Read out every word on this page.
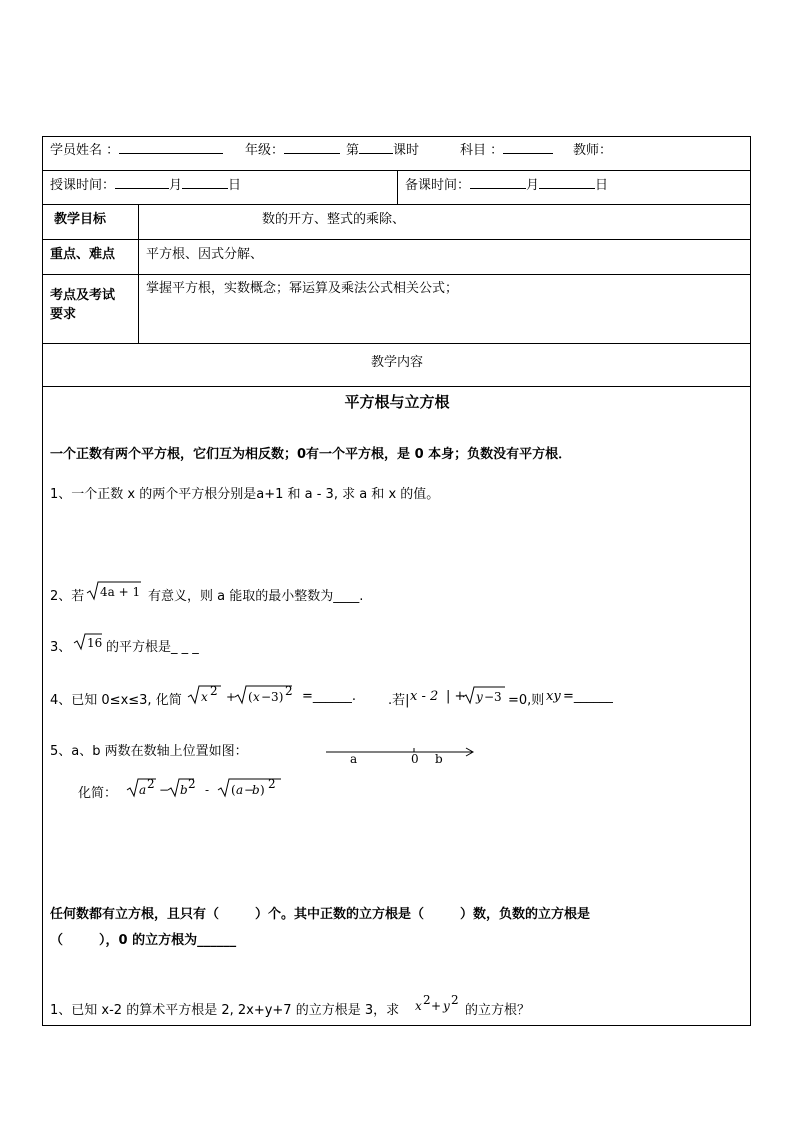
学员姓名 ：	年级：	第	课时	科目 ：	教师：
授课时间：	月	日	备课时间：	月	日
教学目标	数的开方、整式的乘除、
重点、难点 平方根、因式分解、
考点及考试
要求
掌握平方根，实数概念；幂运算及乘法公式相关公式；
教学内容
平方根与立方根
一个正数有两个平方根，它们互为相反数；0有一个平方根，是 0 本身；负数没有平方根．
1、一个正数 x 的两个平方根分别是a+1 和 a - 3, 求 a 和 x 的值。
2、若 4a + 1 有意义，则 a 能取的最小整数为____.
3、 16 的平方根是_ _ _
4、已知 0≤x≤3, 化简 x 2 + ( x −3) 2 =______. .若| x - 2 | + y −3 =0,则 xy =______
5、a、b 两数在数轴上位置如图：	a	0 b
化简： a 2 − b 2 - ( a −
b ) 2
任何数都有立方根，且只有（	）个。其中正数的立方根是（	）数，负数的立方根是
（	），0 的立方根为______
1、已知 x-2 的算术平方根是 2, 2x+y+7 的立方根是 3，求 x 2 + y 2
的立方根？
